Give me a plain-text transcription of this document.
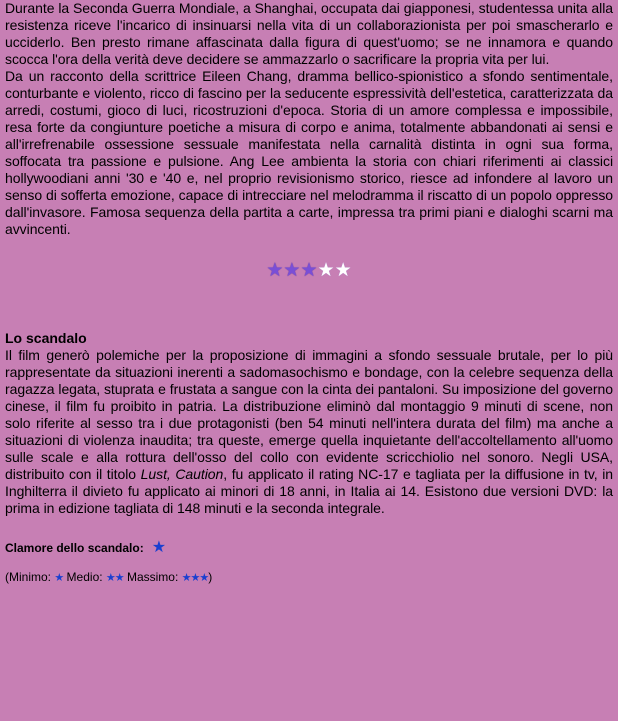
Durante la Seconda Guerra Mondiale, a Shanghai, occupata dai giapponesi, studentessa unita alla resistenza riceve l'incarico di insinuarsi nella vita di un collaborazionista per poi smascherarlo e ucciderlo. Ben presto rimane affascinata dalla figura di quest'uomo; se ne innamora e quando scocca l'ora della verità deve decidere se ammazzarlo o sacrificare la propria vita per lui.

Da un racconto della scrittrice Eileen Chang, dramma bellico-spionistico a sfondo sentimentale, conturbante e violento, ricco di fascino per la seducente espressività dell'estetica, caratterizzata da arredi, costumi, gioco di luci, ricostruzioni d'epoca. Storia di un amore complessa e impossibile, resa forte da congiunture poetiche a misura di corpo e anima, totalmente abbandonati ai sensi e all'irrefrenabile ossessione sessuale manifestata nella carnalità distinta in ogni sua forma, soffocata tra passione e pulsione. Ang Lee ambienta la storia con chiari riferimenti ai classici hollywoodiani anni '30 e '40 e, nel proprio revisionismo storico, riesce ad infondere al lavoro un senso di sofferta emozione, capace di intrecciare nel melodramma il riscatto di un popolo oppresso dall'invasore. Famosa sequenza della partita a carte, impressa tra primi piani e dialoghi scarni ma avvincenti.

★★★★★
Lo scandalo

Il film generò polemiche per la proposizione di immagini a sfondo sessuale brutale, per lo più rappresentate da situazioni inerenti a sadomasochismo e bondage, con la celebre sequenza della ragazza legata, stuprata e frustata a sangue con la cinta dei pantaloni. Su imposizione del governo cinese, il film fu proibito in patria. La distribuzione eliminò dal montaggio 9 minuti di scene, non solo riferite al sesso tra i due protagonisti (ben 54 minuti nell'intera durata del film) ma anche a situazioni di violenza inaudita; tra queste, emerge quella inquietante dell'accoltellamento all'uomo sulle scale e alla rottura dell'osso del collo con evidente scricchiolio nel sonoro. Negli USA, distribuito con il titolo Lust, Caution, fu applicato il rating NC-17 e tagliata per la diffusione in tv, in Inghilterra il divieto fu applicato ai minori di 18 anni, in Italia ai 14. Esistono due versioni DVD: la prima in edizione tagliata di 148 minuti e la seconda integrale.

Clamore dello scandalo: ★
(Minimo: ★ Medio: ★★ Massimo: ★★★)
